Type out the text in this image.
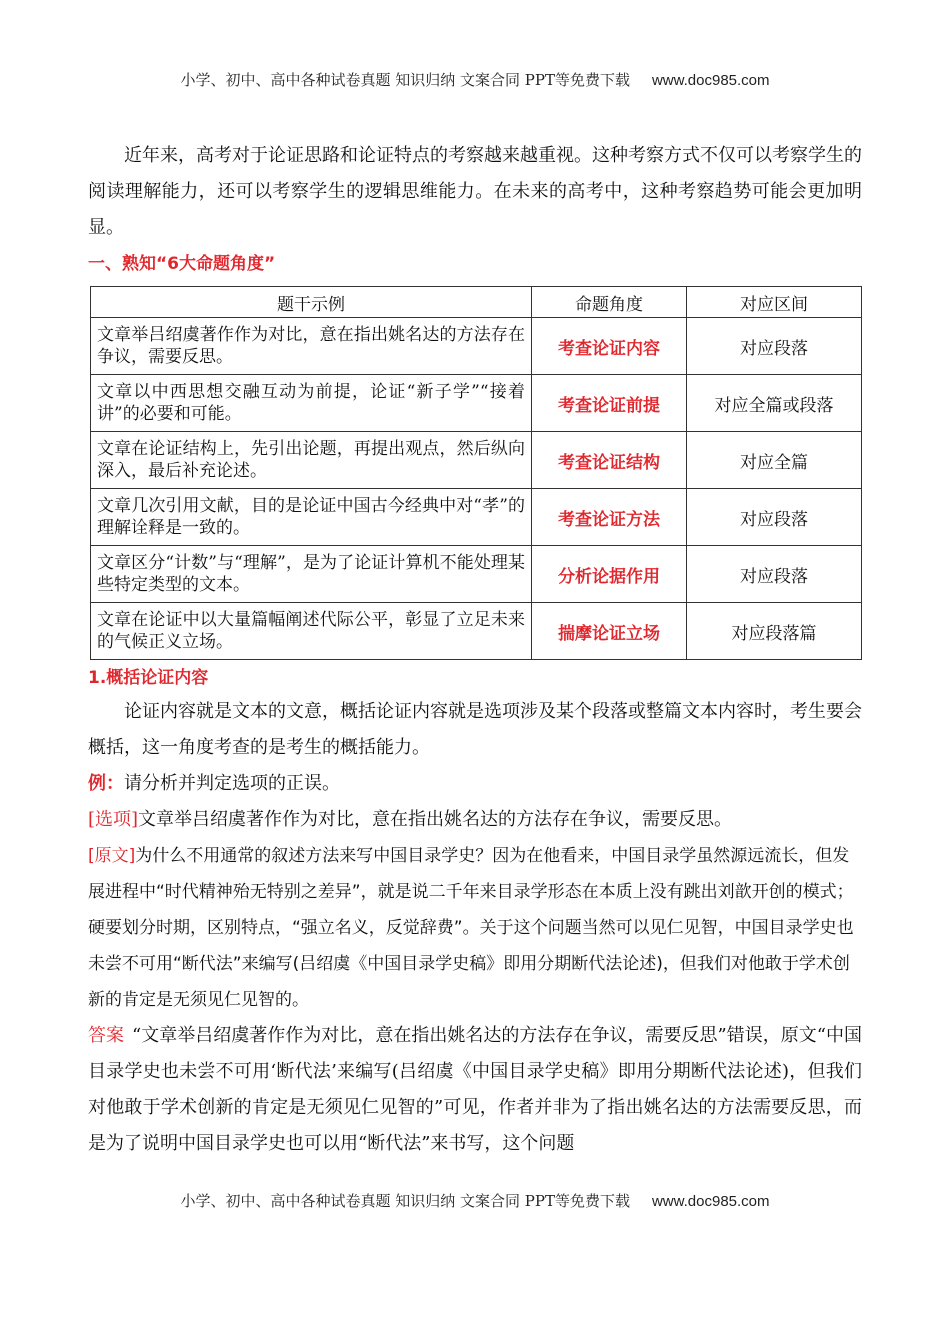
小学、初中、高中各种试卷真题 知识归纳 文案合同 PPT等免费下载 www.doc985.com

近年来，高考对于论证思路和论证特点的考察越来越重视。这种考察方式不仅可以考察学生的阅读理解能力，还可以考察学生的逻辑思维能力。在未来的高考中，这种考察趋势可能会更加明显。

一、熟知“6大命题角度”

题干示例	命题角度	对应区间
文章举吕绍虞著作作为对比，意在指出姚名达的方法存在争议，需要反思。	考查论证内容	对应段落
文章以中西思想交融互动为前提，论证“新子学”“接着讲”的必要和可能。	考查论证前提	对应全篇或段落
文章在论证结构上，先引出论题，再提出观点，然后纵向深入，最后补充论述。	考查论证结构	对应全篇
文章几次引用文献，目的是论证中国古今经典中对“孝”的理解诠释是一致的。	考查论证方法	对应段落
文章区分“计数”与“理解”，是为了论证计算机不能处理某些特定类型的文本。	分析论据作用	对应段落
文章在论证中以大量篇幅阐述代际公平，彰显了立足未来的气候正义立场。	揣摩论证立场	对应段落篇

1.概括论证内容

论证内容就是文本的文意，概括论证内容就是选项涉及某个段落或整篇文本内容时，考生要会概括，这一角度考查的是考生的概括能力。

例：请分析并判定选项的正误。

[选项]文章举吕绍虞著作作为对比，意在指出姚名达的方法存在争议，需要反思。

[原文]为什么不用通常的叙述方法来写中国目录学史？因为在他看来，中国目录学虽然源远流长，但发展进程中“时代精神殆无特别之差异”，就是说二千年来目录学形态在本质上没有跳出刘歆开创的模式；硬要划分时期，区别特点，“强立名义，反觉辞费”。关于这个问题当然可以见仁见智，中国目录学史也未尝不可用“断代法”来编写(吕绍虞《中国目录学史稿》即用分期断代法论述)，但我们对他敢于学术创新的肯定是无须见仁见智的。

答案 “文章举吕绍虞著作作为对比，意在指出姚名达的方法存在争议，需要反思”错误，原文“中国目录学史也未尝不可用‘断代法’来编写(吕绍虞《中国目录学史稿》即用分期断代法论述)，但我们对他敢于学术创新的肯定是无须见仁见智的”可见，作者并非为了指出姚名达的方法需要反思，而是为了说明中国目录学史也可以用“断代法”来书写，这个问题

小学、初中、高中各种试卷真题 知识归纳 文案合同 PPT等免费下载 www.doc985.com
